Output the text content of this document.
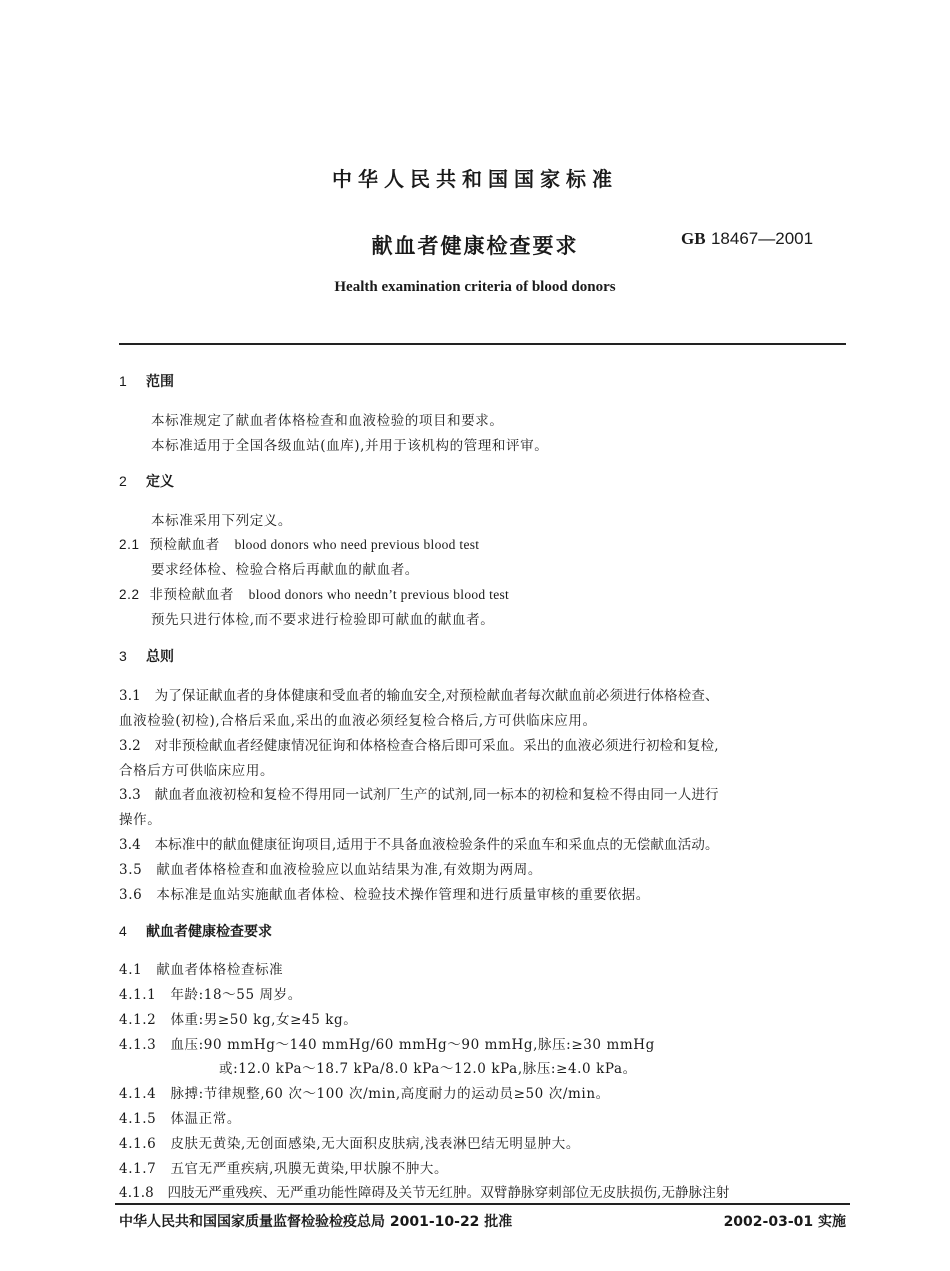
中华人民共和国国家标准
献血者健康检查要求	GB 18467—2001
Health examination criteria of blood donors
1 范围
本标准规定了献血者体格检查和血液检验的项目和要求。
本标准适用于全国各级血站(血库),并用于该机构的管理和评审。
2 定义
本标准采用下列定义。
2.1 预检献血者 blood donors who need previous blood test
要求经体检、检验合格后再献血的献血者。
2.2 非预检献血者 blood donors who needn’t previous blood test
预先只进行体检,而不要求进行检验即可献血的献血者。
3 总则
3.1　为了保证献血者的身体健康和受血者的输血安全,对预检献血者每次献血前必须进行体格检查、
血液检验(初检),合格后采血,采出的血液必须经复检合格后,方可供临床应用。
3.2　对非预检献血者经健康情况征询和体格检查合格后即可采血。采出的血液必须进行初检和复检,
合格后方可供临床应用。
3.3　献血者血液初检和复检不得用同一试剂厂生产的试剂,同一标本的初检和复检不得由同一人进行
操作。
3.4　本标准中的献血健康征询项目,适用于不具备血液检验条件的采血车和采血点的无偿献血活动。
3.5　献血者体格检查和血液检验应以血站结果为准,有效期为两周。
3.6　本标准是血站实施献血者体检、检验技术操作管理和进行质量审核的重要依据。
4 献血者健康检查要求
4.1　献血者体格检查标准
4.1.1　年龄:18～55 周岁。
4.1.2　体重:男≥50 kg,女≥45 kg。
4.1.3　血压:90 mmHg～140 mmHg/60 mmHg～90 mmHg,脉压:≥30 mmHg
或:12.0 kPa～18.7 kPa/8.0 kPa～12.0 kPa,脉压:≥4.0 kPa。
4.1.4　脉搏:节律规整,60 次～100 次/min,高度耐力的运动员≥50 次/min。
4.1.5　体温正常。
4.1.6　皮肤无黄染,无创面感染,无大面积皮肤病,浅表淋巴结无明显肿大。
4.1.7　五官无严重疾病,巩膜无黄染,甲状腺不肿大。
4.1.8　四肢无严重残疾、无严重功能性障碍及关节无红肿。双臂静脉穿刺部位无皮肤损伤,无静脉注射
中华人民共和国国家质量监督检验检疫总局 2001-10-22 批准	2002-03-01 实施
